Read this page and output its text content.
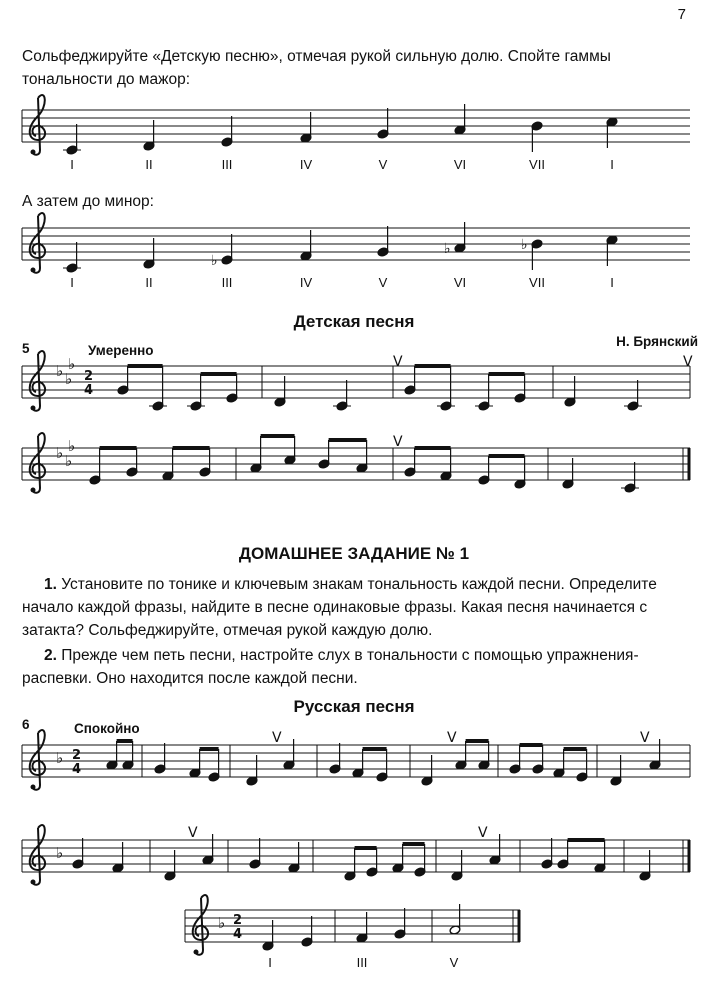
7
Сольфеджируйте «Детскую песню», отмечая рукой сильную долю. Спойте гаммы тональности до мажор:
♭ ♭
♭
2
4
♭ ♭
♭
♭ 2
4
♭
♭ 2
4
♭
♭	♭
V	V
V
V	V	V
V	V
I	II	III	IV	V	VI	VII	I
А затем до минор:
I	II	III	IV	V	VI	VII	I
Детская песня
5	Умеренно
Н. Брянский
ДОМАШНЕЕ ЗАДАНИЕ № 1
1. Установите по тонике и ключевым знакам тональность каждой песни. Определите начало каждой фразы, найдите в песне одинаковые фразы. Какая песня начинается с затакта? Сольфеджируйте, отмечая рукой каждую долю.
2. Прежде чем петь песни, настройте слух в тональности с помощью упражнения-распевки. Оно находится после каждой песни.
Русская песня
6	Спокойно
I	III	V
